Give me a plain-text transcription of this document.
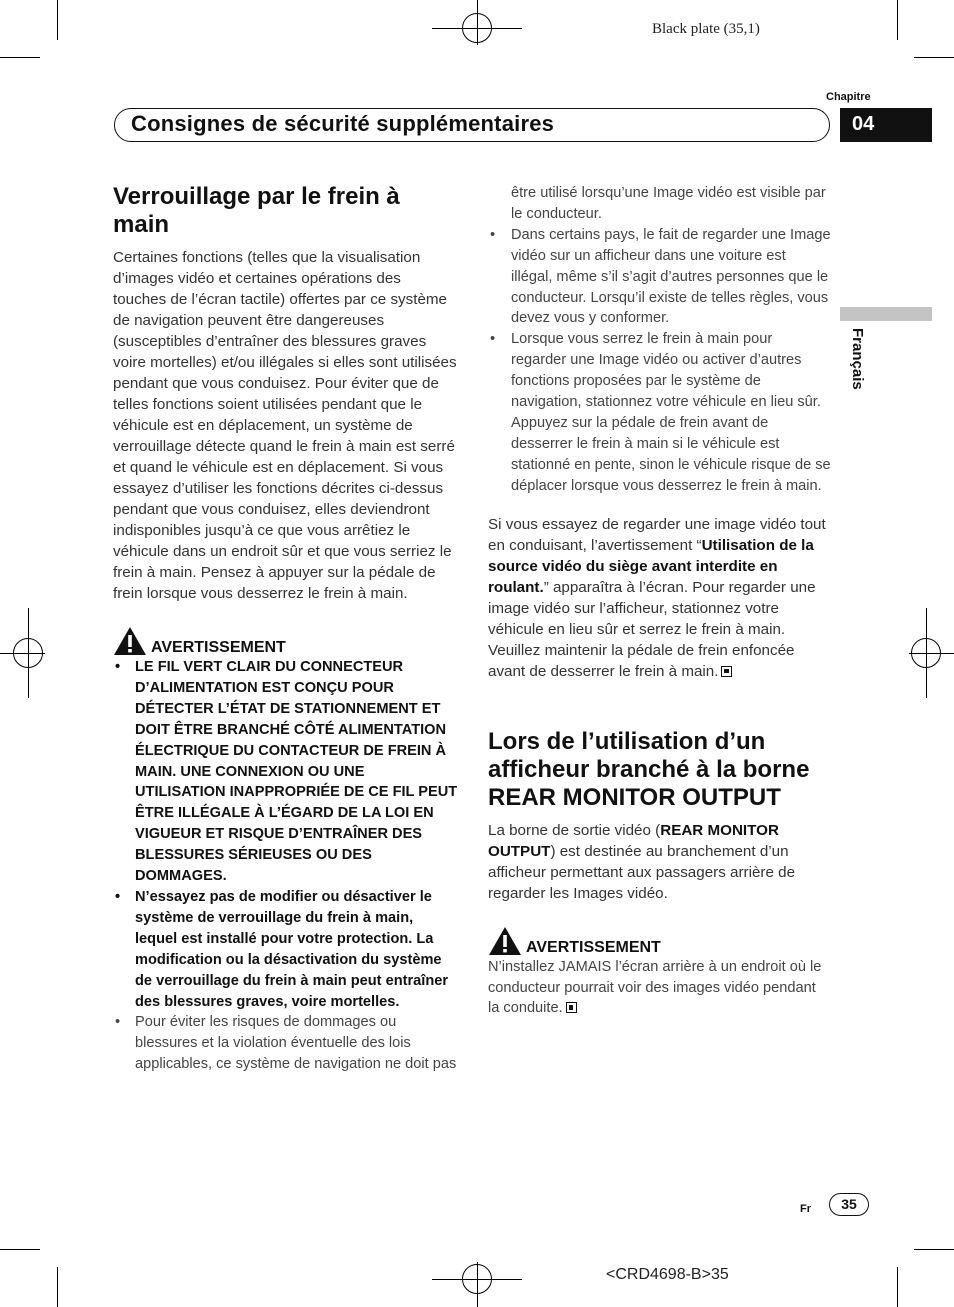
Black plate (35,1)
Chapitre
Consignes de sécurité supplémentaires	04
Français
Verrouillage par le frein à main

Certaines fonctions (telles que la visualisation d’images vidéo et certaines opérations des touches de l’écran tactile) offertes par ce système de navigation peuvent être dangereuses (susceptibles d’entraîner des blessures graves voire mortelles) et/ou illégales si elles sont utilisées pendant que vous conduisez. Pour éviter que de telles fonctions soient utilisées pendant que le véhicule est en déplacement, un système de verrouillage détecte quand le frein à main est serré et quand le véhicule est en déplacement. Si vous essayez d’utiliser les fonctions décrites ci-dessus pendant que vous conduisez, elles deviendront indisponibles jusqu’à ce que vous arrêtiez le véhicule dans un endroit sûr et que vous serriez le frein à main. Pensez à appuyer sur la pédale de frein lorsque vous desserrez le frein à main.

AVERTISSEMENT
• LE FIL VERT CLAIR DU CONNECTEUR D’ALIMENTATION EST CONÇU POUR DÉTECTER L’ÉTAT DE STATIONNEMENT ET DOIT ÊTRE BRANCHÉ CÔTÉ ALIMENTATION ÉLECTRIQUE DU CONTACTEUR DE FREIN À MAIN. UNE CONNEXION OU UNE UTILISATION INAPPROPRIÉE DE CE FIL PEUT ÊTRE ILLÉGALE À L’ÉGARD DE LA LOI EN VIGUEUR ET RISQUE D’ENTRAÎNER DES BLESSURES SÉRIEUSES OU DES DOMMAGES.
• N’essayez pas de modifier ou désactiver le système de verrouillage du frein à main, lequel est installé pour votre protection. La modification ou la désactivation du système de verrouillage du frein à main peut entraîner des blessures graves, voire mortelles.
• Pour éviter les risques de dommages ou blessures et la violation éventuelle des lois applicables, ce système de navigation ne doit pas
être utilisé lorsqu’une Image vidéo est visible par le conducteur.
• Dans certains pays, le fait de regarder une Image vidéo sur un afficheur dans une voiture est illégal, même s’il s’agit d’autres personnes que le conducteur. Lorsqu’il existe de telles règles, vous devez vous y conformer.
• Lorsque vous serrez le frein à main pour regarder une Image vidéo ou activer d’autres fonctions proposées par le système de navigation, stationnez votre véhicule en lieu sûr. Appuyez sur la pédale de frein avant de desserrer le frein à main si le véhicule est stationné en pente, sinon le véhicule risque de se déplacer lorsque vous desserrez le frein à main.

Si vous essayez de regarder une image vidéo tout en conduisant, l’avertissement “Utilisation de la source vidéo du siège avant interdite en roulant.” apparaîtra à l’écran. Pour regarder une image vidéo sur l’afficheur, stationnez votre véhicule en lieu sûr et serrez le frein à main. Veuillez maintenir la pédale de frein enfoncée avant de desserrer le frein à main.

Lors de l’utilisation d’un afficheur branché à la borne REAR MONITOR OUTPUT

La borne de sortie vidéo (REAR MONITOR OUTPUT) est destinée au branchement d’un afficheur permettant aux passagers arrière de regarder les Images vidéo.

AVERTISSEMENT

N’installez JAMAIS l’écran arrière à un endroit où le conducteur pourrait voir des images vidéo pendant la conduite.

Fr	35
<CRD4698-B>35
